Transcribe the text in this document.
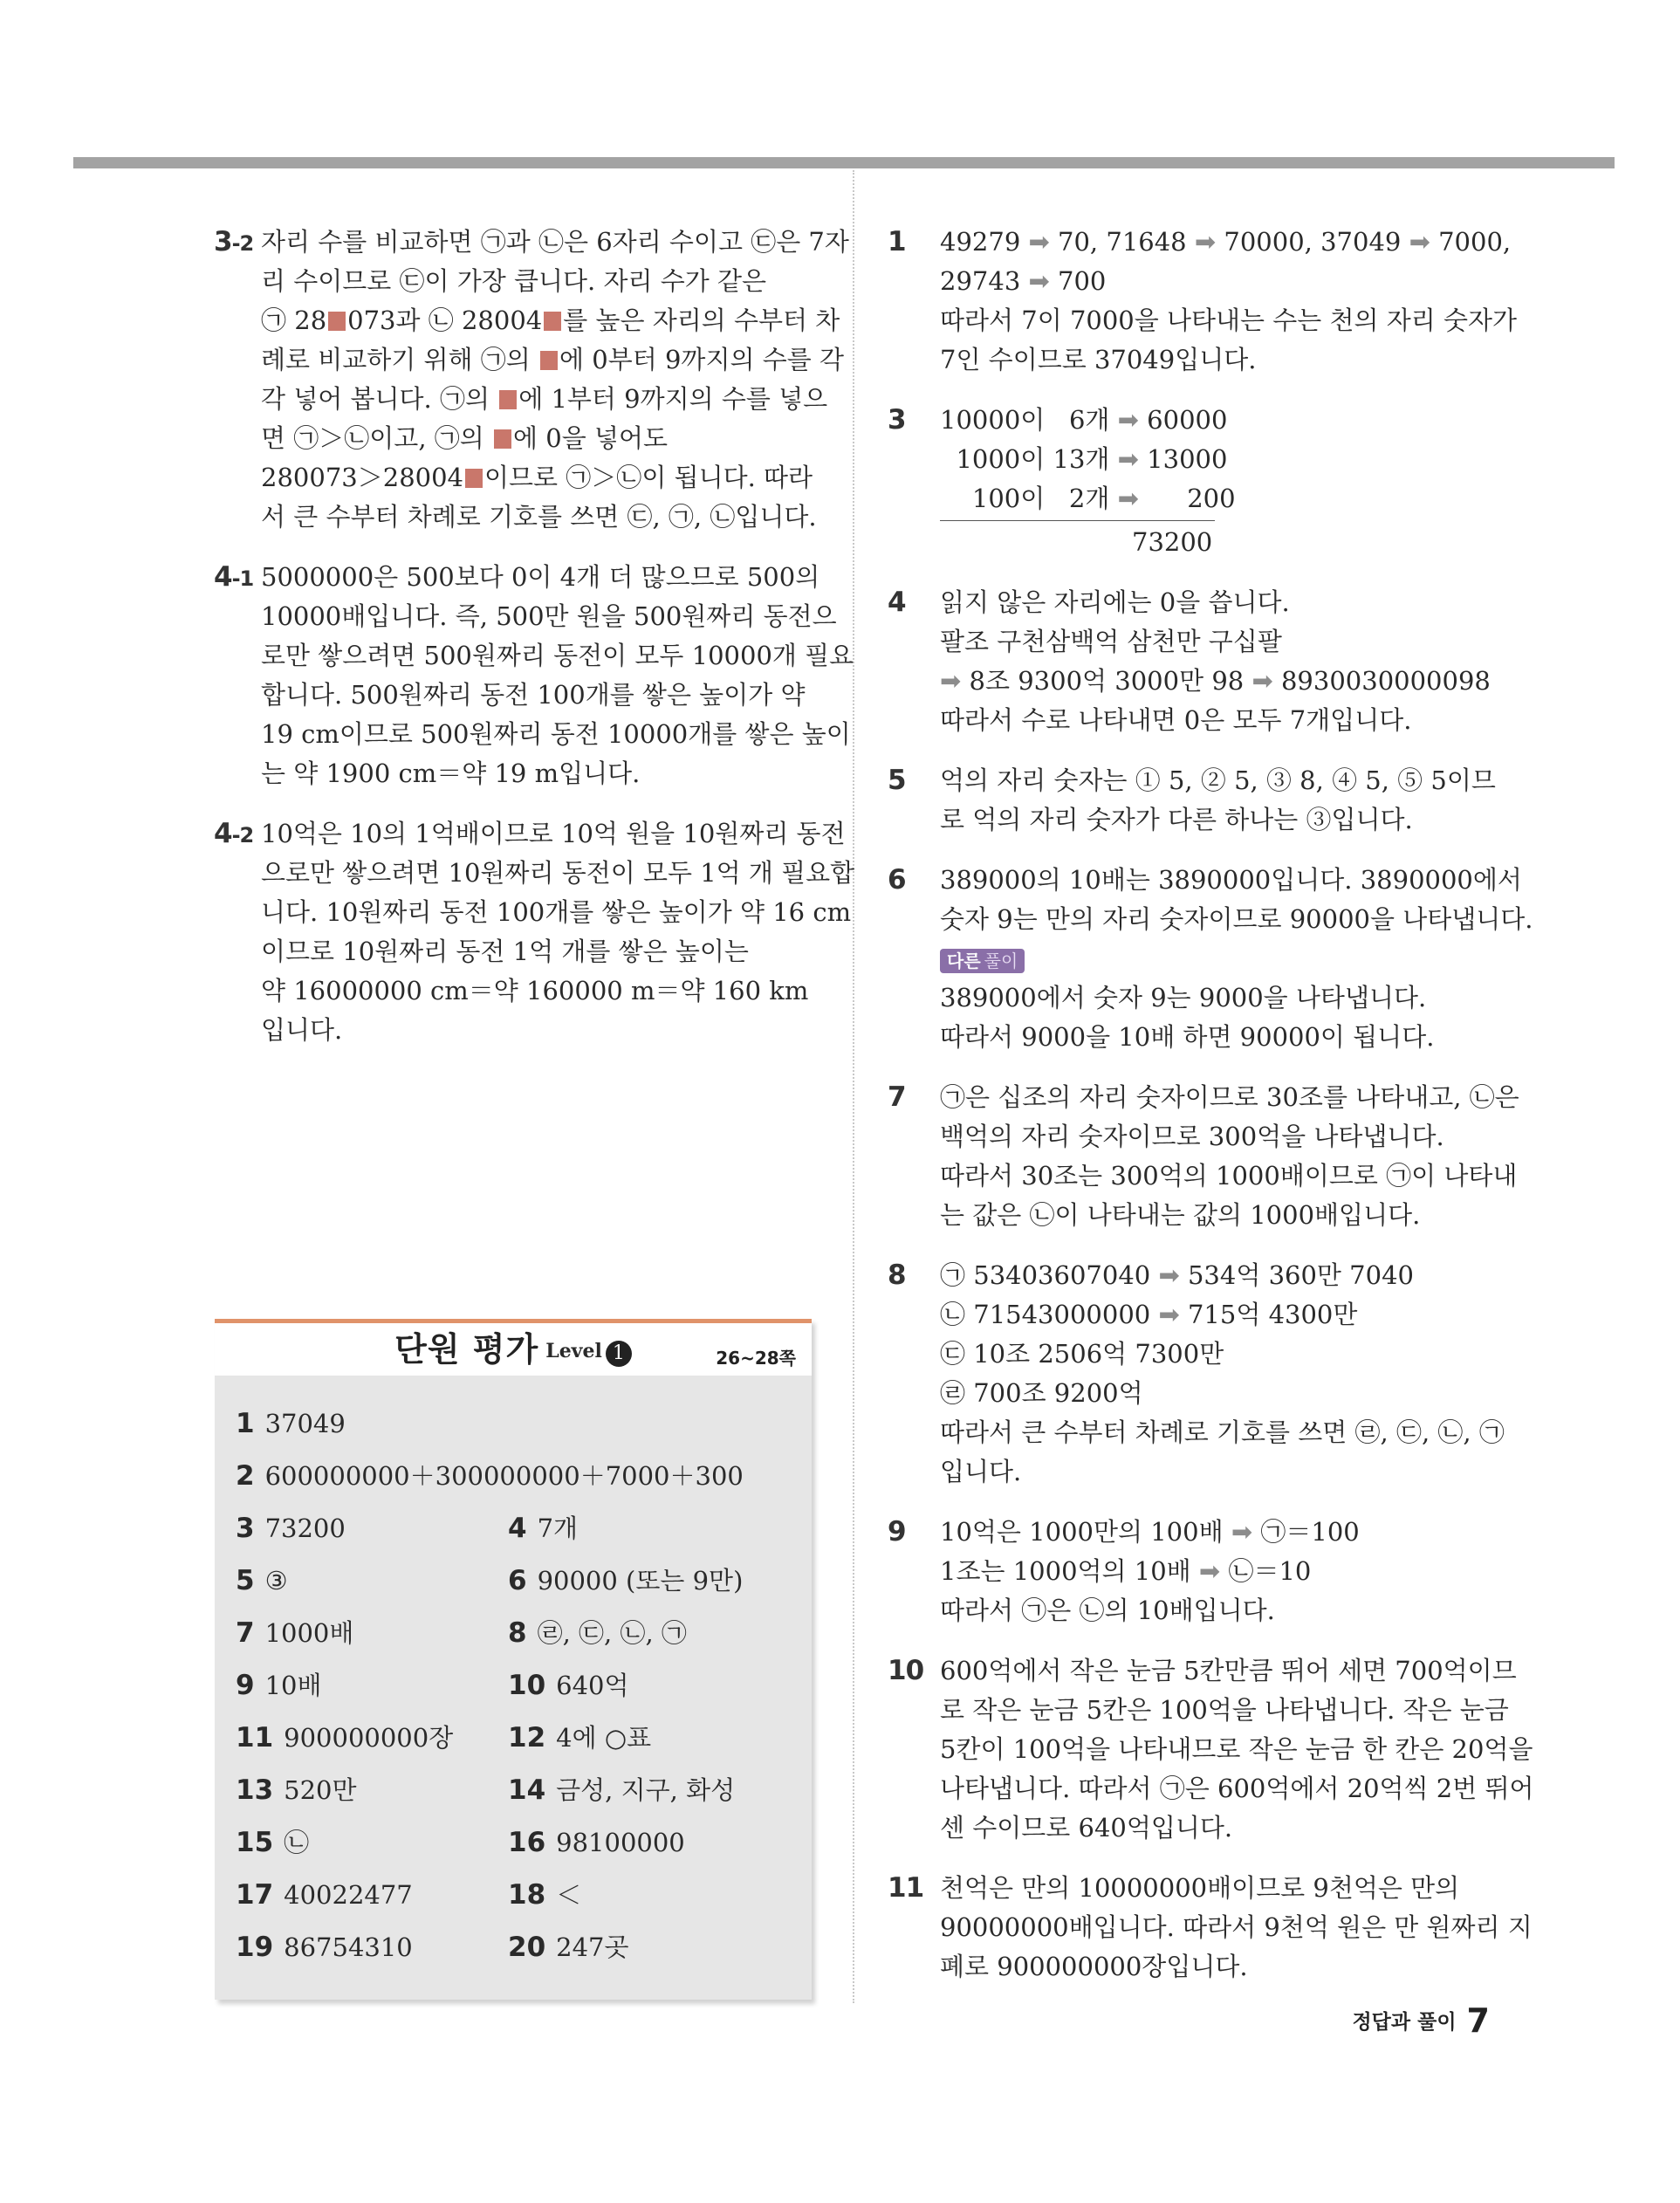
3-2 자리 수를 비교하면 ㉠과 ㉡은 6자리 수이고 ㉢은 7자
리 수이므로 ㉢이 가장 큽니다. 자리 수가 같은
㉠ 28 073과 ㉡ 28004 를 높은 자리의 수부터 차
례로 비교하기 위해 ㉠의 에 0부터 9까지의 수를 각
각 넣어 봅니다. ㉠의 에 1부터 9까지의 수를 넣으
면 ㉠＞㉡이고, ㉠의 에 0을 넣어도
280073＞28004 이므로 ㉠＞㉡이 됩니다. 따라
서 큰 수부터 차례로 기호를 쓰면 ㉢, ㉠, ㉡입니다.
4-1 5000000은 500보다 0이 4개 더 많으므로 500의
10000배입니다. 즉, 500만 원을 500원짜리 동전으
로만 쌓으려면 500원짜리 동전이 모두 10000개 필요
합니다. 500원짜리 동전 100개를 쌓은 높이가 약
19 cm이므로 500원짜리 동전 10000개를 쌓은 높이
는 약 1900 cm＝약 19 m입니다.
4-2 10억은 10의 1억배이므로 10억 원을 10원짜리 동전
으로만 쌓으려면 10원짜리 동전이 모두 1억 개 필요합
니다. 10원짜리 동전 100개를 쌓은 높이가 약 16 cm
이므로 10원짜리 동전 1억 개를 쌓은 높이는
약 16000000 cm＝약 160000 m＝약 160 km
입니다.
단원 평가 Level 1	26~28쪽
1 37049
2 600000000＋300000000＋7000＋300
3 73200	4 7개
5 ③	6 90000 (또는 9만)
7 1000배	8 ㉣, ㉢, ㉡, ㉠
9 10배	10 640억
11 900000000장 12 4에 ○표
13 520만	14 금성, 지구, 화성
15 ㉡	16 98100000
17 40022477	18 ＜
19 86754310	20 247곳
1 49279 ➡ 70, 71648 ➡ 70000, 37049 ➡ 7000,
29743 ➡ 700
따라서 7이 7000을 나타내는 수는 천의 자리 숫자가
7인 수이므로 37049입니다.
3 10000이 6개 ➡ 60000
1000이 13개 ➡ 13000
100이 2개 ➡ 200
73200
4 읽지 않은 자리에는 0을 씁니다.
팔조 구천삼백억 삼천만 구십팔
➡ 8조 9300억 3000만 98 ➡ 8930030000098
따라서 수로 나타내면 0은 모두 7개입니다.
5 억의 자리 숫자는 ① 5, ② 5, ③ 8, ④ 5, ⑤ 5이므
로 억의 자리 숫자가 다른 하나는 ③입니다.
6 389000의 10배는 3890000입니다. 3890000에서
숫자 9는 만의 자리 숫자이므로 90000을 나타냅니다.
다른 풀이
389000에서 숫자 9는 9000을 나타냅니다.
따라서 9000을 10배 하면 90000이 됩니다.
7 ㉠은 십조의 자리 숫자이므로 30조를 나타내고, ㉡은
백억의 자리 숫자이므로 300억을 나타냅니다.
따라서 30조는 300억의 1000배이므로 ㉠이 나타내
는 값은 ㉡이 나타내는 값의 1000배입니다.
8 ㉠ 53403607040 ➡ 534억 360만 7040
㉡ 71543000000 ➡ 715억 4300만
㉢ 10조 2506억 7300만
㉣ 700조 9200억
따라서 큰 수부터 차례로 기호를 쓰면 ㉣, ㉢, ㉡, ㉠
입니다.
9 10억은 1000만의 100배 ➡ ㉠＝100
1조는 1000억의 10배 ➡ ㉡＝10
따라서 ㉠은 ㉡의 10배입니다.
10 600억에서 작은 눈금 5칸만큼 뛰어 세면 700억이므
로 작은 눈금 5칸은 100억을 나타냅니다. 작은 눈금
5칸이 100억을 나타내므로 작은 눈금 한 칸은 20억을
나타냅니다. 따라서 ㉠은 600억에서 20억씩 2번 뛰어
센 수이므로 640억입니다.
11 천억은 만의 10000000배이므로 9천억은 만의
90000000배입니다. 따라서 9천억 원은 만 원짜리 지
폐로 900000000장입니다.
정답과 풀이 7
